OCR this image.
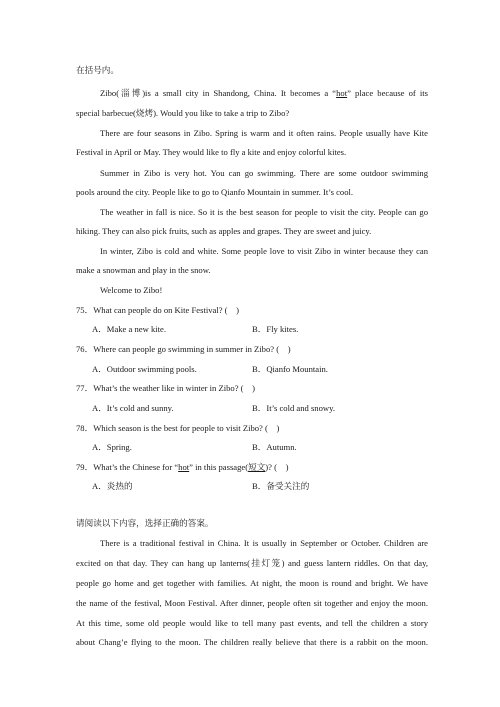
在括号内。
Zibo(淄博)is a small city in Shandong, China. It becomes a “hot” place because of its
special barbecue(烧烤). Would you like to take a trip to Zibo?
There are four seasons in Zibo. Spring is warm and it often rains. People usually have Kite
Festival in April or May. They would like to fly a kite and enjoy colorful kites.
Summer in Zibo is very hot. You can go swimming. There are some outdoor swimming
pools around the city. People like to go to Qianfo Mountain in summer. It’s cool.
The weather in fall is nice. So it is the best season for people to visit the city. People can go
hiking. They can also pick fruits, such as apples and grapes. They are sweet and juicy.
In winter, Zibo is cold and white. Some people love to visit Zibo in winter because they can
make a snowman and play in the snow.
Welcome to Zibo!
75．What can people do on Kite Festival? (　)
A．Make a new kite.	B．Fly kites.
76．Where can people go swimming in summer in Zibo? (　)
A．Outdoor swimming pools.	B．Qianfo Mountain.
77．What’s the weather like in winter in Zibo? (　)
A．It’s cold and sunny.	B．It’s cold and snowy.
78．Which season is the best for people to visit Zibo? (　)
A．Spring.	B．Autumn.
79．What’s the Chinese for “hot” in this passage(短文)? (　)
A．炎热的	B．备受关注的
请阅读以下内容，选择正确的答案。
There is a traditional festival in China. It is usually in September or October. Children are
excited on that day. They can hang up lanterns(挂灯笼) and guess lantern riddles. On that day,
people go home and get together with families. At night, the moon is round and bright. We have
the name of the festival, Moon Festival. After dinner, people often sit together and enjoy the moon.
At this time, some old people would like to tell many past events, and tell the children a story
about Chang’e flying to the moon. The children really believe that there is a rabbit on the moon.
